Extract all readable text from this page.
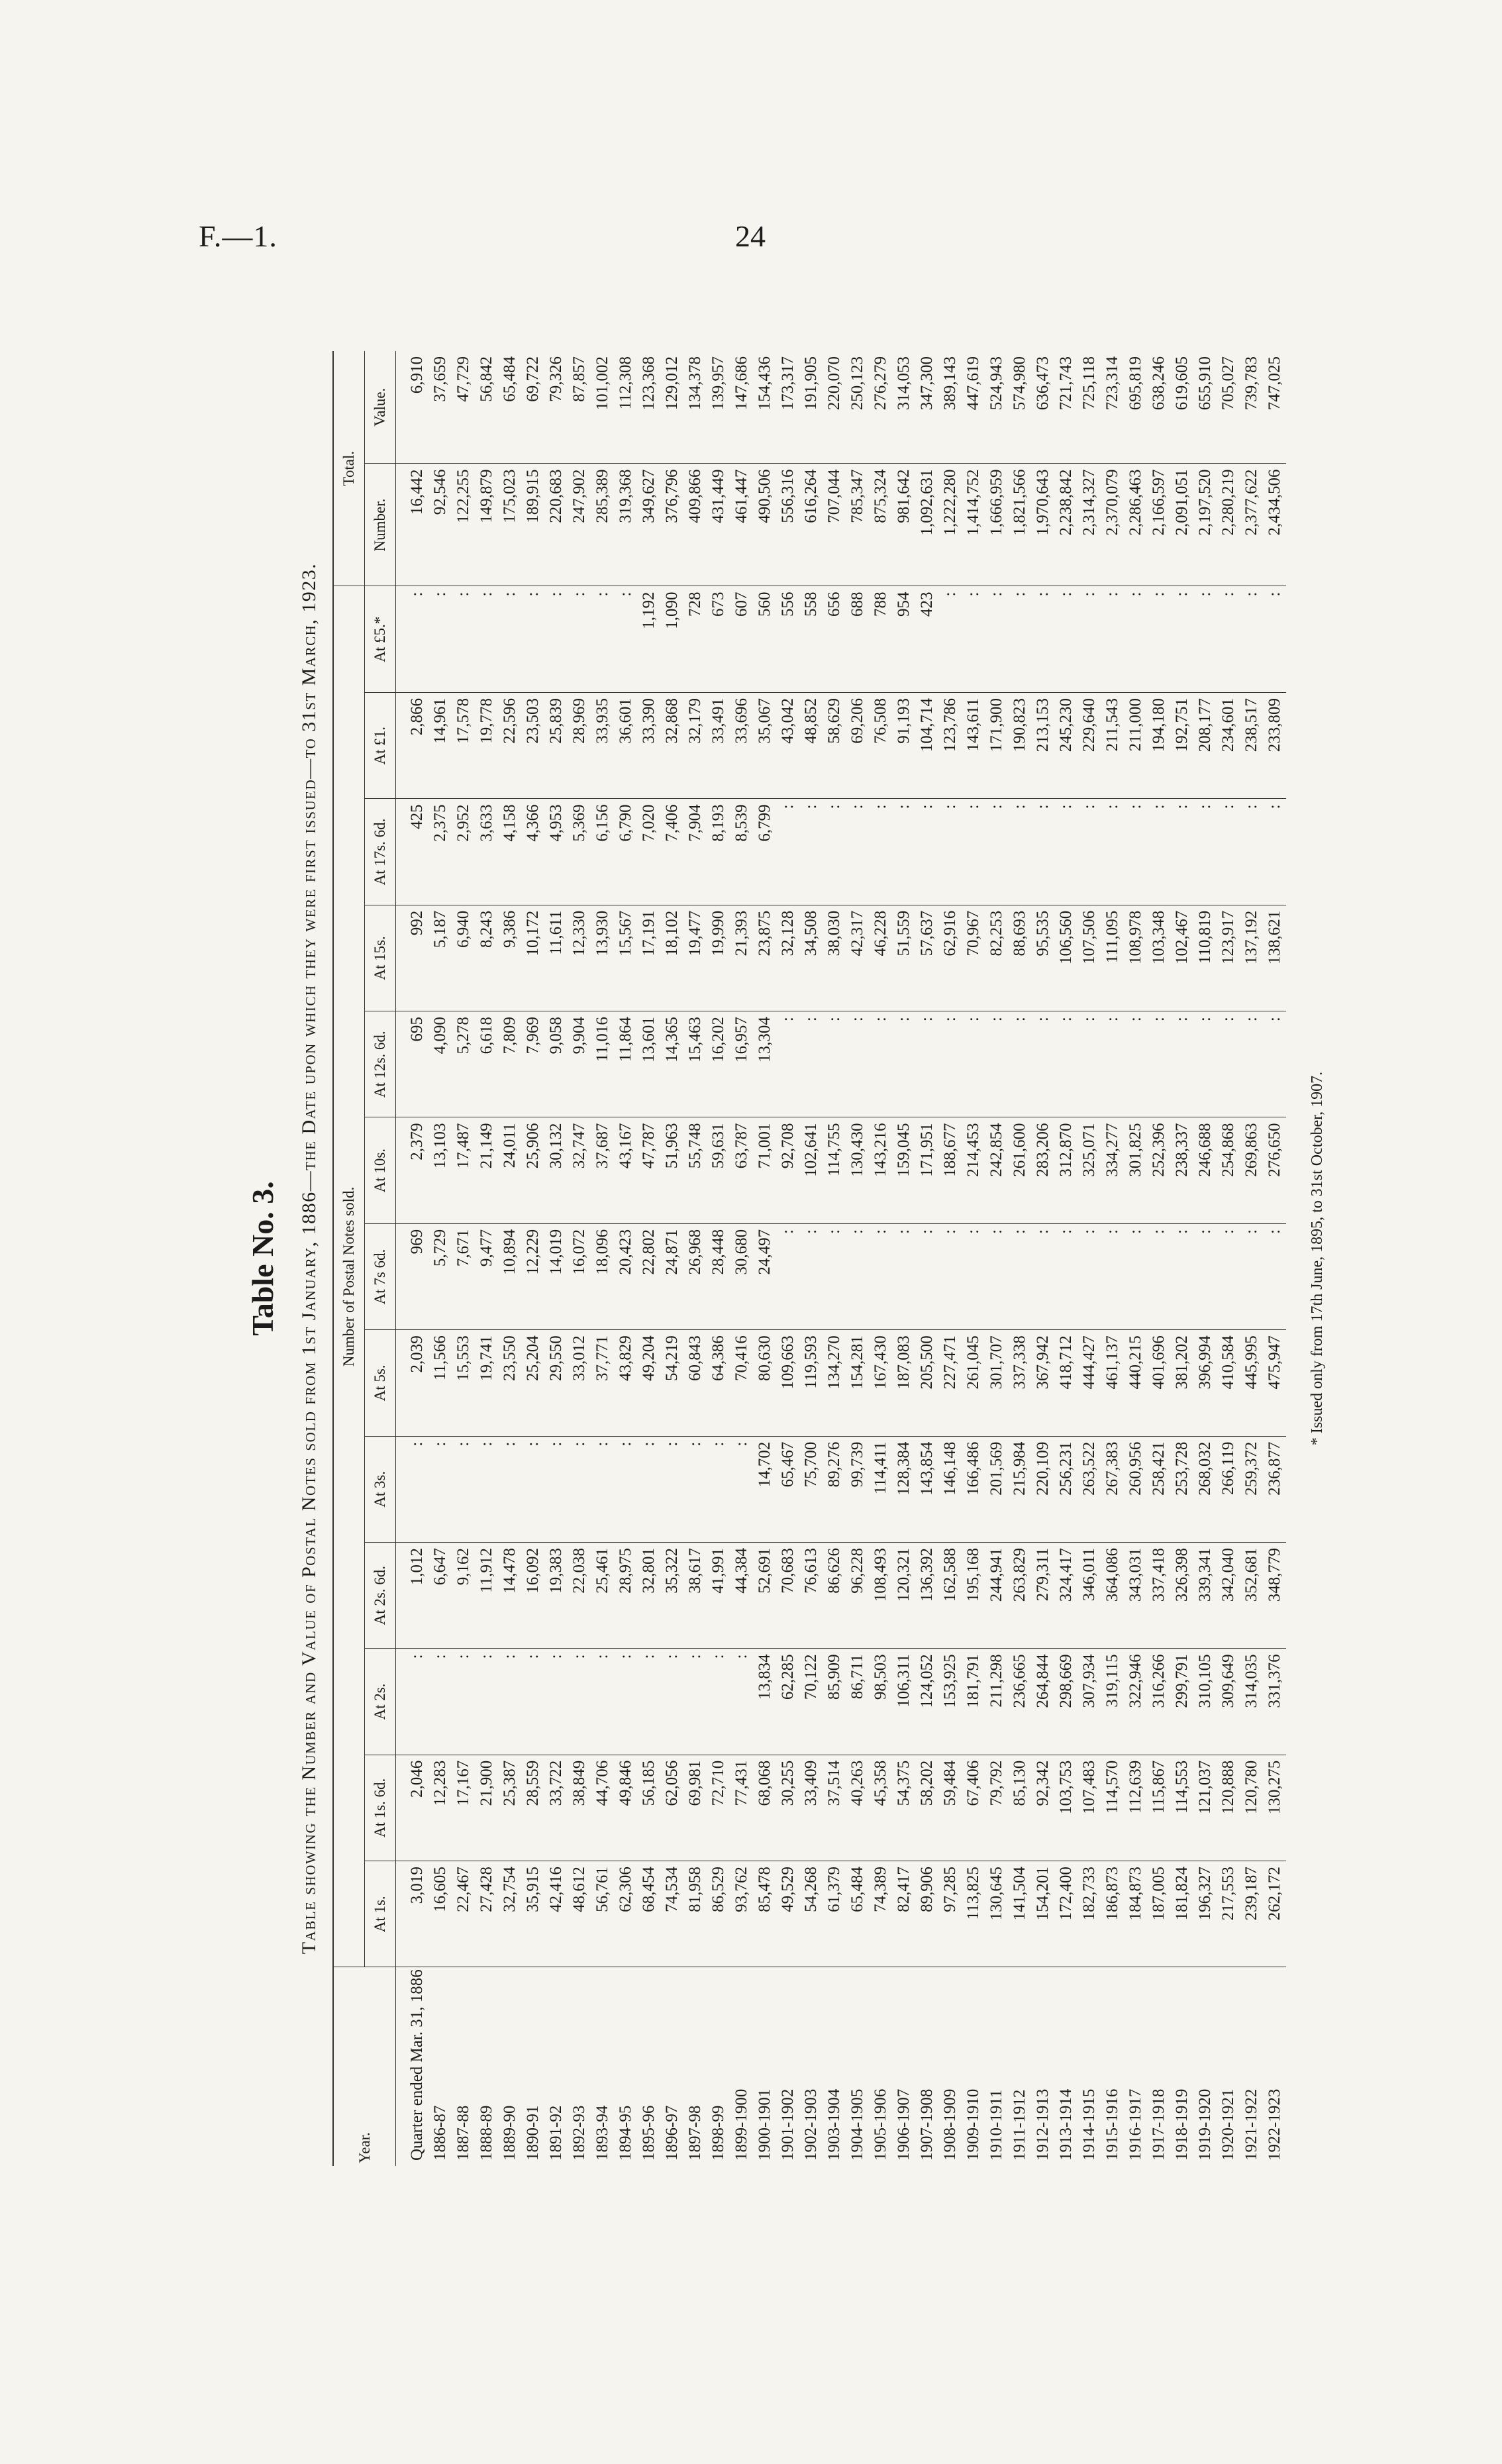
F.—1.	24
Table No. 3. Table showing the Number and Value of Postal Notes sold from 1st January, 1886—the Date upon which they were first issued—to 31st March, 1923.
Year.	Number of Postal Notes sold.													Total.	
	At 1s.	At 1s. 6d.	At 2s.	At 2s. 6d.	At 3s.	At 5s.	At 7s 6d.	At 10s.	At 12s. 6d.	At 15s.	At 17s. 6d.	At £1.	At £5.*	Number.	Value.
Quarter ended Mar. 31, 1886	3,019	2,046	:	1,012	:	2,039	969	2,379	695	992	425	2,866	:	16,442	6,910
1886-87	16,605	12,283	:	6,647	:	11,566	5,729	13,103	4,090	5,187	2,375	14,961	:	92,546	37,659
1887-88	22,467	17,167	:	9,162	:	15,553	7,671	17,487	5,278	6,940	2,952	17,578	:	122,255	47,729
1888-89	27,428	21,900	:	11,912	:	19,741	9,477	21,149	6,618	8,243	3,633	19,778	:	149,879	56,842
1889-90	32,754	25,387	:	14,478	:	23,550	10,894	24,011	7,809	9,386	4,158	22,596	:	175,023	65,484
1890-91	35,915	28,559	:	16,092	:	25,204	12,229	25,906	7,969	10,172	4,366	23,503	:	189,915	69,722
1891-92	42,416	33,722	:	19,383	:	29,550	14,019	30,132	9,058	11,611	4,953	25,839	:	220,683	79,326
1892-93	48,612	38,849	:	22,038	:	33,012	16,072	32,747	9,904	12,330	5,369	28,969	:	247,902	87,857
1893-94	56,761	44,706	:	25,461	:	37,771	18,096	37,687	11,016	13,930	6,156	33,935	:	285,389	101,002
1894-95	62,306	49,846	:	28,975	:	43,829	20,423	43,167	11,864	15,567	6,790	36,601	:	319,368	112,308
1895-96	68,454	56,185	:	32,801	:	49,204	22,802	47,787	13,601	17,191	7,020	33,390	1,192	349,627	123,368
1896-97	74,534	62,056	:	35,322	:	54,219	24,871	51,963	14,365	18,102	7,406	32,868	1,090	376,796	129,012
1897-98	81,958	69,981	:	38,617	:	60,843	26,968	55,748	15,463	19,477	7,904	32,179	728	409,866	134,378
1898-99	86,529	72,710	:	41,991	:	64,386	28,448	59,631	16,202	19,990	8,193	33,491	673	431,449	139,957
1899-1900	93,762	77,431	:	44,384	:	70,416	30,680	63,787	16,957	21,393	8,539	33,696	607	461,447	147,686
1900-1901	85,478	68,068	13,834	52,691	14,702	80,630	24,497	71,001	13,304	23,875	6,799	35,067	560	490,506	154,436
1901-1902	49,529	30,255	62,285	70,683	65,467	109,663	:	92,708	:	32,128	:	43,042	556	556,316	173,317
1902-1903	54,268	33,409	70,122	76,613	75,700	119,593	:	102,641	:	34,508	:	48,852	558	616,264	191,905
1903-1904	61,379	37,514	85,909	86,626	89,276	134,270	:	114,755	:	38,030	:	58,629	656	707,044	220,070
1904-1905	65,484	40,263	86,711	96,228	99,739	154,281	:	130,430	:	42,317	:	69,206	688	785,347	250,123
1905-1906	74,389	45,358	98,503	108,493	114,411	167,430	:	143,216	:	46,228	:	76,508	788	875,324	276,279
1906-1907	82,417	54,375	106,311	120,321	128,384	187,083	:	159,045	:	51,559	:	91,193	954	981,642	314,053
1907-1908	89,906	58,202	124,052	136,392	143,854	205,500	:	171,951	:	57,637	:	104,714	423	1,092,631	347,300
1908-1909	97,285	59,484	153,925	162,588	146,148	227,471	:	188,677	:	62,916	:	123,786	:	1,222,280	389,143
1909-1910	113,825	67,406	181,791	195,168	166,486	261,045	:	214,453	:	70,967	:	143,611	:	1,414,752	447,619
1910-1911	130,645	79,792	211,298	244,941	201,569	301,707	:	242,854	:	82,253	:	171,900	:	1,666,959	524,943
1911-1912	141,504	85,130	236,665	263,829	215,984	337,338	:	261,600	:	88,693	:	190,823	:	1,821,566	574,980
1912-1913	154,201	92,342	264,844	279,311	220,109	367,942	:	283,206	:	95,535	:	213,153	:	1,970,643	636,473
1913-1914	172,400	103,753	298,669	324,417	256,231	418,712	:	312,870	:	106,560	:	245,230	:	2,238,842	721,743
1914-1915	182,733	107,483	307,934	346,011	263,522	444,427	:	325,071	:	107,506	:	229,640	:	2,314,327	725,118
1915-1916	186,873	114,570	319,115	364,086	267,383	461,137	:	334,277	:	111,095	:	211,543	:	2,370,079	723,314
1916-1917	184,873	112,639	322,946	343,031	260,956	440,215	:	301,825	:	108,978	:	211,000	:	2,286,463	695,819
1917-1918	187,005	115,867	316,266	337,418	258,421	401,696	:	252,396	:	103,348	:	194,180	:	2,166,597	638,246
1918-1919	181,824	114,553	299,791	326,398	253,728	381,202	:	238,337	:	102,467	:	192,751	:	2,091,051	619,605
1919-1920	196,327	121,037	310,105	339,341	268,032	396,994	:	246,688	:	110,819	:	208,177	:	2,197,520	655,910
1920-1921	217,553	120,888	309,649	342,040	266,119	410,584	:	254,868	:	123,917	:	234,601	:	2,280,219	705,027
1921-1922	239,187	120,780	314,035	352,681	259,372	445,995	:	269,863	:	137,192	:	238,517	:	2,377,622	739,783
1922-1923	262,172	130,275	331,376	348,779	236,877	475,947	:	276,650	:	138,621	:	233,809	:	2,434,506	747,025
* Issued only from 17th June, 1895, to 31st October, 1907.
